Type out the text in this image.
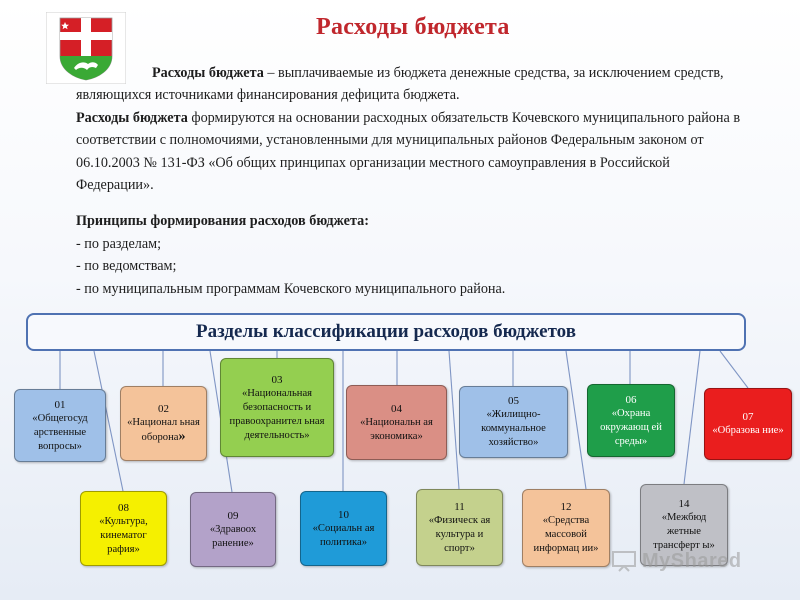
Расходы бюджета

Расходы бюджета – выплачиваемые из бюджета денежные средства, за исключением средств, являющихся источниками финансирования дефицита бюджета.

Расходы бюджета формируются на основании расходных обязательств Кочевского муниципального района в соответствии с полномочиями, установленными для муниципальных районов Федеральным законом от 06.10.2003 № 131-ФЗ «Об общих принципах организации местного самоуправления в Российской Федерации».

Принципы формирования расходов бюджета:

- по разделам;

- по ведомствам;

- по муниципальным программам Кочевского муниципального района.

Разделы классификации расходов бюджетов
01
«Общегосуд арственные вопросы»
02
«Национал ьная оборона»
03
«Национальная безопасность и правоохранител ьная деятельность»
04
«Национальн ая экономика»
05
«Жилищно-коммунальное хозяйство»
06
«Охрана окружающ ей среды»
07
«Образова ние»
08
«Культура, кинематог рафия»
09
«Здравоох ранение»
10
«Социальн ая политика»
11
«Физическ ая культура и спорт»
12
«Средства массовой информац ии»
14
«Межбюд жетные трансферт ы»
MyShared
